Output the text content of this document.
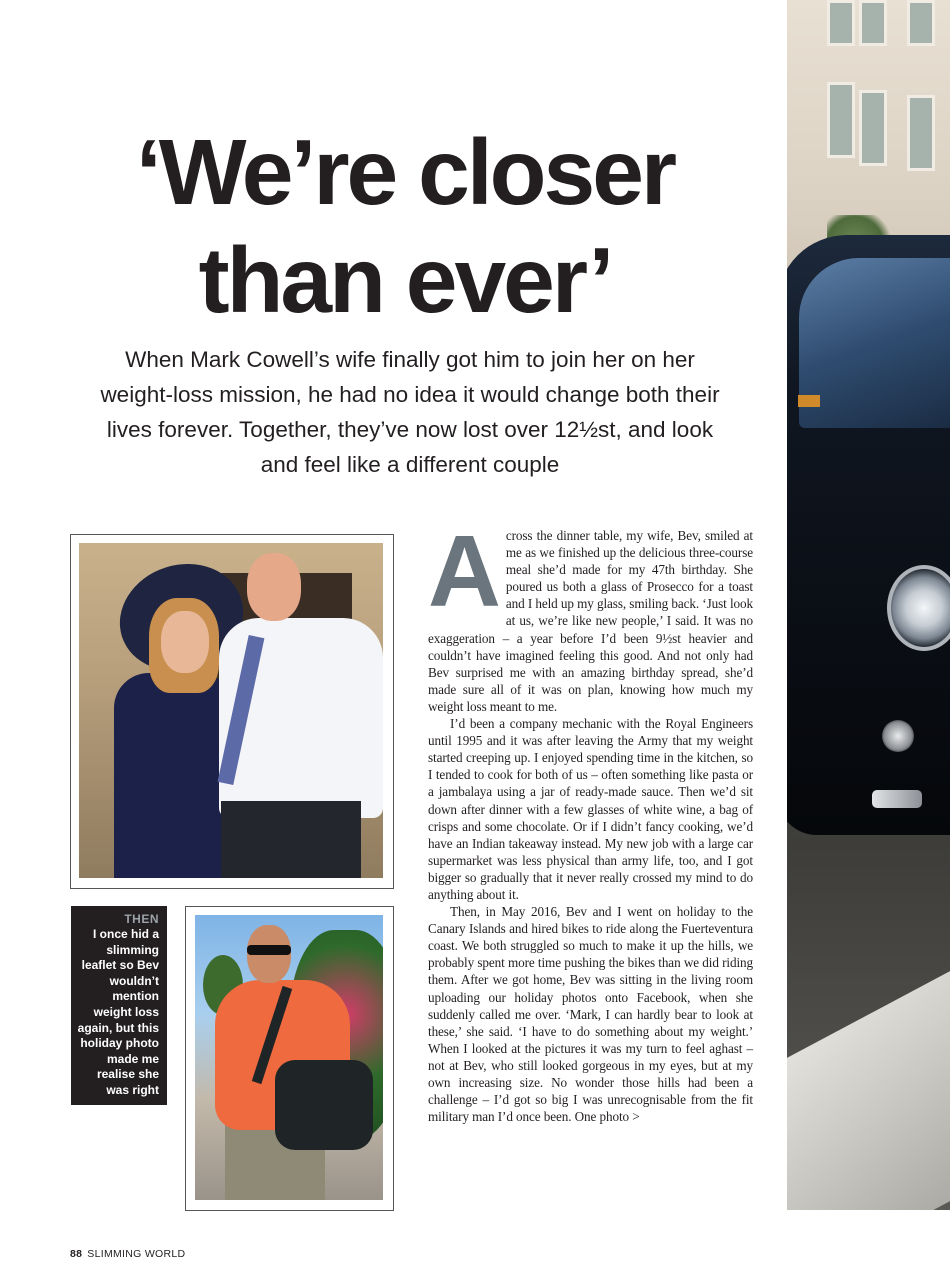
‘We’re closer
than ever’
When Mark Cowell’s wife finally got him to join her on her weight-loss mission, he had no idea it would change both their lives forever. Together, they’ve now lost over 12½st, and look and feel like a different couple
THEN
I once hid a slimming leaflet so Bev wouldn’t mention weight loss again, but this holiday photo made me realise she was right

Across the dinner table, my wife, Bev, smiled at me as we finished up the delicious three-course meal she’d made for my 47th birthday. She poured us both a glass of Prosecco for a toast and I held up my glass, smiling back. ‘Just look at us, we’re like new people,’ I said. It was no exaggeration – a year before I’d been 9½st heavier and couldn’t have imagined feeling this good. And not only had Bev surprised me with an amazing birthday spread, she’d made sure all of it was on plan, knowing how much my weight loss meant to me.

I’d been a company mechanic with the Royal Engineers until 1995 and it was after leaving the Army that my weight started creeping up. I enjoyed spending time in the kitchen, so I tended to cook for both of us – often something like pasta or a jambalaya using a jar of ready-made sauce. Then we’d sit down after dinner with a few glasses of white wine, a bag of crisps and some chocolate. Or if I didn’t fancy cooking, we’d have an Indian takeaway instead. My new job with a large car supermarket was less physical than army life, too, and I got bigger so gradually that it never really crossed my mind to do anything about it.

Then, in May 2016, Bev and I went on holiday to the Canary Islands and hired bikes to ride along the Fuerteventura coast. We both struggled so much to make it up the hills, we probably spent more time pushing the bikes than we did riding them. After we got home, Bev was sitting in the living room uploading our holiday photos onto Facebook, when she suddenly called me over. ‘Mark, I can hardly bear to look at these,’ she said. ‘I have to do something about my weight.’ When I looked at the pictures it was my turn to feel aghast – not at Bev, who still looked gorgeous in my eyes, but at my own increasing size. No wonder those hills had been a challenge – I’d got so big I was unrecognisable from the fit military man I’d once been. One photo >

88 SLIMMING WORLD
